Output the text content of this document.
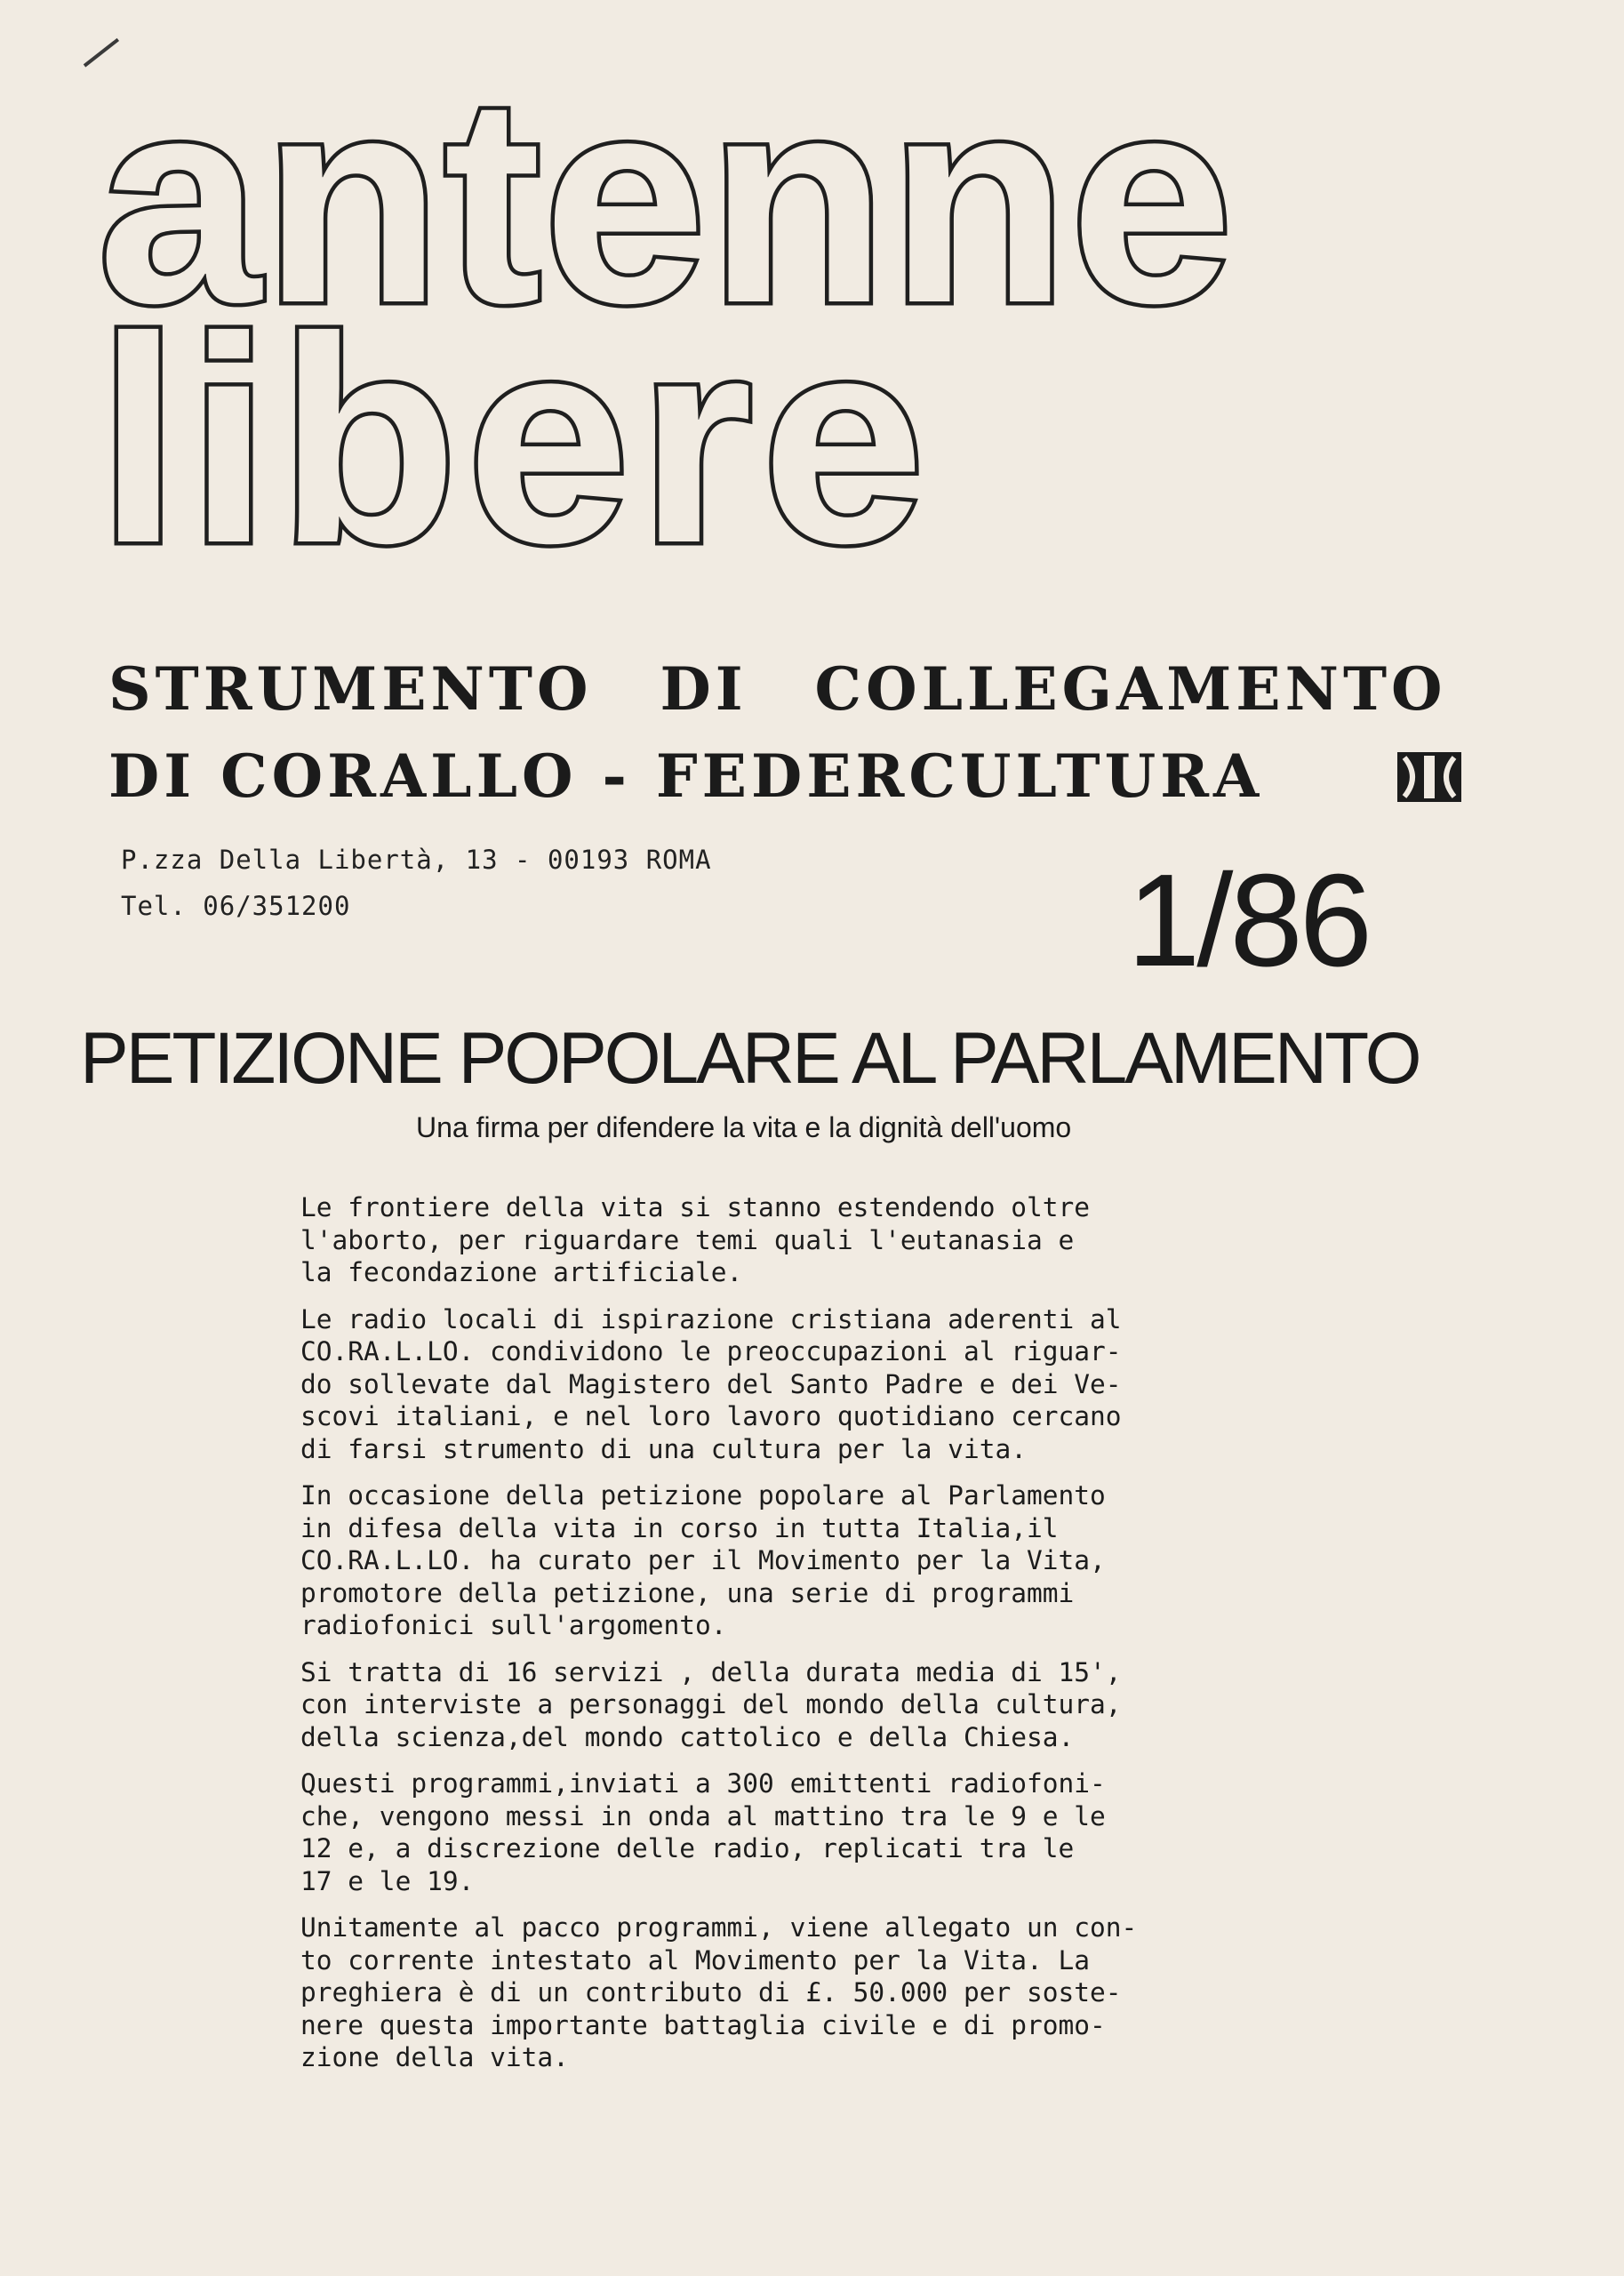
antenne
libere
STRUMENTO DI COLLEGAMENTO
DI CORALLO - FEDERCULTURA

P.zza Della Libertà, 13 - 00193 ROMA

Tel. 06/351200	1/86

PETIZIONE POPOLARE AL PARLAMENTO

Una firma per difendere la vita e la dignità dell'uomo

Le frontiere della vita si stanno estendendo oltre
l'aborto, per riguardare temi quali l'eutanasia e
la fecondazione artificiale.

Le radio locali di ispirazione cristiana aderenti al
CO.RA.L.LO. condividono le preoccupazioni al riguar-
do sollevate dal Magistero del Santo Padre e dei Ve-
scovi italiani, e nel loro lavoro quotidiano cercano
di farsi strumento di una cultura per la vita.

In occasione della petizione popolare al Parlamento
in difesa della vita in corso in tutta Italia,il
CO.RA.L.LO. ha curato per il Movimento per la Vita,
promotore della petizione, una serie di programmi
radiofonici sull'argomento.

Si tratta di 16 servizi , della durata media di 15',
con interviste a personaggi del mondo della cultura,
della scienza,del mondo cattolico e della Chiesa.

Questi programmi,inviati a 300 emittenti radiofoni-
che, vengono messi in onda al mattino tra le 9 e le
12 e, a discrezione delle radio, replicati tra le
17 e le 19.

Unitamente al pacco programmi, viene allegato un con-
to corrente intestato al Movimento per la Vita. La
preghiera è di un contributo di £. 50.000 per soste-
nere questa importante battaglia civile e di promo-
zione della vita.
